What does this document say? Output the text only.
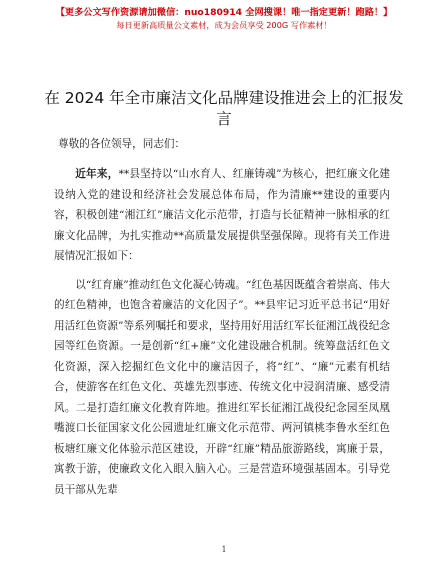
【更多公文写作资源请加微信：nuo180914 全网搜课！唯一指定更新！跑路！】
每日更新高质量公文素材，成为会员享受 200G 写作素材！
在 2024 年全市廉洁文化品牌建设推进会上的汇报发言
尊敬的各位领导，同志们：

近年来，**县坚持以“山水育人、红廉铸魂”为核心，把红廉文化建设纳入党的建设和经济社会发展总体布局，作为清廉**建设的重要内容，积极创建“湘江红”廉洁文化示范带，打造与长征精神一脉相承的红廉文化品牌，为扎实推动**高质量发展提供坚强保障。现将有关工作进展情况汇报如下：

以“红育廉”推动红色文化凝心铸魂。“红色基因既蕴含着崇高、伟大的红色精神，也饱含着廉洁的文化因子”。**县牢记习近平总书记“用好用活红色资源”等系列嘱托和要求，坚持用好用活红军长征湘江战役纪念园等红色资源。一是创新“红+廉”文化建设融合机制。统筹盘活红色文化资源，深入挖掘红色文化中的廉洁因子，将“红”、“廉”元素有机结合，使游客在红色文化、英雄先烈事迹、传统文化中浸润清廉、感受清风。二是打造红廉文化教育阵地。推进红军长征湘江战役纪念园至凤凰嘴渡口长征国家文化公园遗址红廉文化示范带、两河镇桃李鲁水至红色板塘红廉文化体验示范区建设，开辟“红廉”精品旅游路线，寓廉于景，寓教于游，使廉政文化入眼入脑入心。三是营造环境强基固本。引导党员干部从先辈

1
